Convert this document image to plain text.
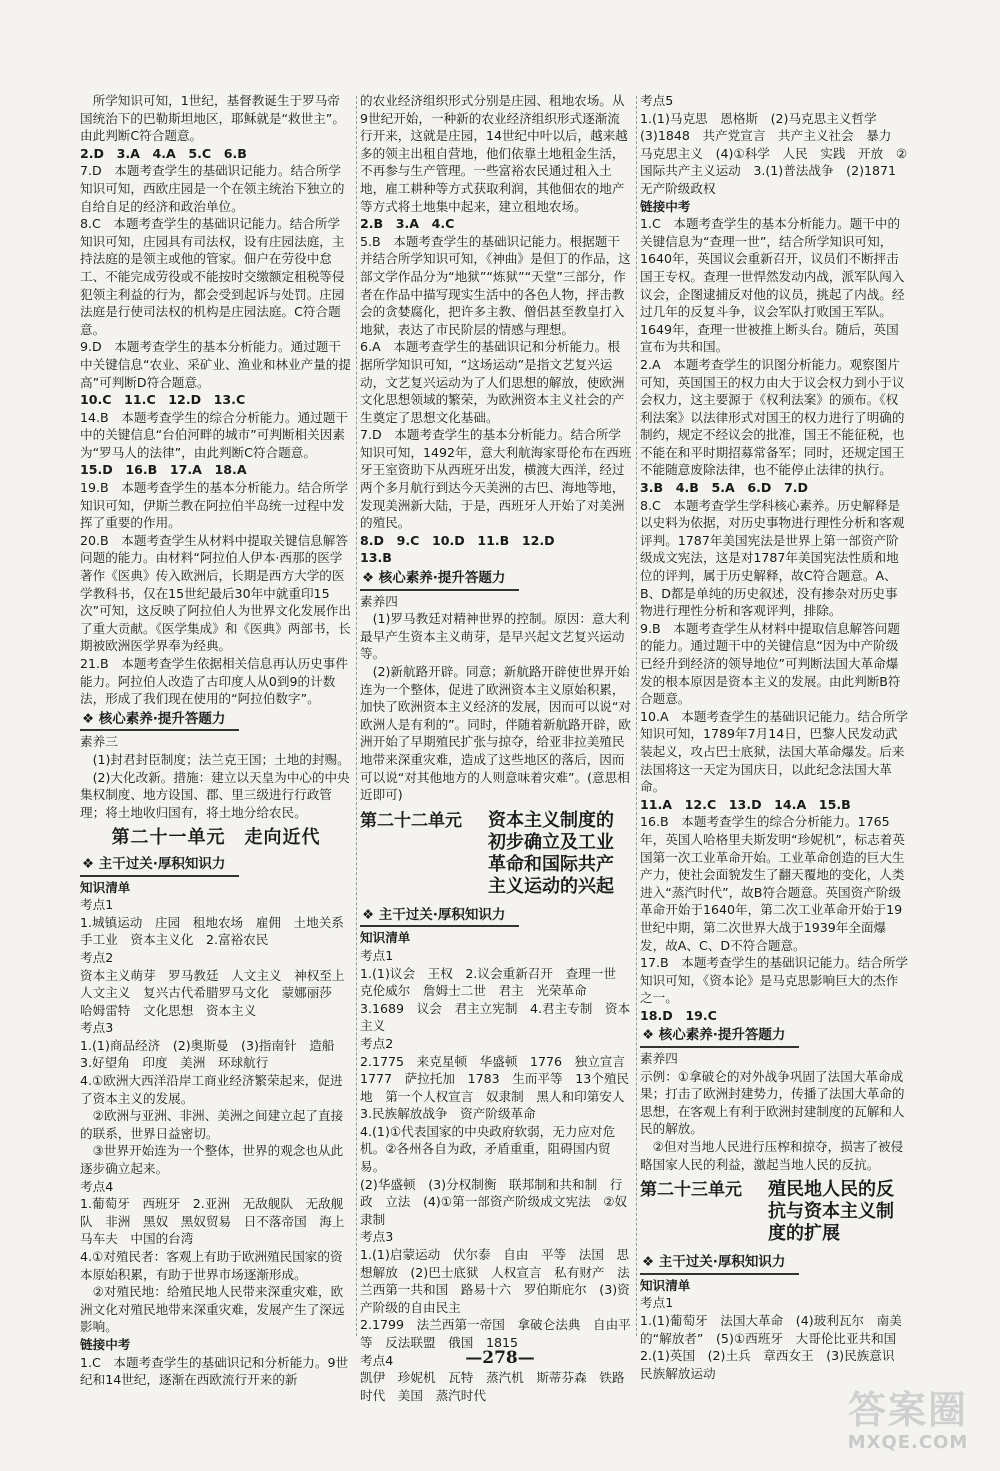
所学知识可知，1世纪，基督教诞生于罗马帝国统治下的巴勒斯坦地区，耶稣就是“救世主”。由此判断C符合题意。

2.D　3.A　4.A　5.C　6.B

7.D　本题考查学生的基础识记能力。结合所学知识可知，西欧庄园是一个在领主统治下独立的自给自足的经济和政治单位。

8.C　本题考查学生的基础识记能力。结合所学知识可知，庄园具有司法权，设有庄园法庭，主持法庭的是领主或他的管家。佃户在劳役中怠工、不能完成劳役或不能按时交缴额定租税等侵犯领主利益的行为，都会受到起诉与处罚。庄园法庭是行使司法权的机构是庄园法庭。C符合题意。

9.D　本题考查学生的基本分析能力。通过题干中关键信息“农业、采矿业、渔业和林业产量的提高”可判断D符合题意。

10.C　11.C　12.D　13.C

14.B　本题考查学生的综合分析能力。通过题干中的关键信息“台伯河畔的城市”可判断相关因素为“罗马人的法律”，由此判断C符合题意。

15.D　16.B　17.A　18.A

19.B　本题考查学生的基本分析能力。结合所学知识可知，伊斯兰教在阿拉伯半岛统一过程中发挥了重要的作用。

20.B　本题考查学生从材料中提取关键信息解答问题的能力。由材料“阿拉伯人伊本·西那的医学著作《医典》传入欧洲后，长期是西方大学的医学教科书，仅在15世纪最后30年中就重印15次”可知，这反映了阿拉伯人为世界文化发展作出了重大贡献。《医学集成》和《医典》两部书，长期被欧洲医学界奉为经典。

21.B　本题考查学生依据相关信息再认历史事件能力。阿拉伯人改造了古印度人从0到9的计数法，形成了我们现在使用的“阿拉伯数字”。

❖ 核心素养·提升答题力

素养三

(1)封君封臣制度；法兰克王国；土地的封赐。

(2)大化改新。措施：建立以天皇为中心的中央集权制度、地方设国、郡、里三级进行行政管理；将土地收归国有，将土地分给农民。

第二十一单元　走向近代

❖ 主干过关·厚积知识力

知识清单

考点1

1.城镇运动　庄园　租地农场　雇佣　土地关系　手工业　资本主义化　2.富裕农民

考点2

资本主义萌芽　罗马教廷　人文主义　神权至上　人文主义　复兴古代希腊罗马文化　蒙娜丽莎　哈姆雷特　文化思想　资本主义

考点3

1.(1)商品经济　(2)奥斯曼　(3)指南针　造船　3.好望角　印度　美洲　环球航行

4.①欧洲大西洋沿岸工商业经济繁荣起来，促进了资本主义的发展。

②欧洲与亚洲、非洲、美洲之间建立起了直接的联系，世界日益密切。

③世界开始连为一个整体，世界的观念也从此逐步确立起来。

考点4

1.葡萄牙　西班牙　2.亚洲　无敌舰队　无敌舰队　非洲　黑奴　黑奴贸易　日不落帝国　海上马车夫　中国的台湾

4.①对殖民者：客观上有助于欧洲殖民国家的资本原始积累，有助于世界市场逐渐形成。

②对殖民地：给殖民地人民带来深重灾难，欧洲文化对殖民地带来深重灾难，发展产生了深远影响。

链接中考

1.C　本题考查学生的基础识记和分析能力。9世纪和14世纪，逐渐在西欧流行开来的新

的农业经济组织形式分别是庄园、租地农场。从9世纪开始，一种新的农业经济组织形式逐渐流行开来，这就是庄园，14世纪中叶以后，越来越多的领主出租自营地，他们依靠土地租金生活，不再参与生产管理。一些富裕农民通过租入土地，雇工耕种等方式获取利润，其他佃农的地产等方式将土地集中起来，建立租地农场。

2.B　3.A　4.C

5.B　本题考查学生的基础识记能力。根据题干并结合所学知识可知，《神曲》是但丁的作品，这部文学作品分为“地狱”“炼狱”“天堂”三部分，作者在作品中描写现实生活中的各色人物，抨击教会的贪婪腐化，把许多主教、僧侣甚至教皇打入地狱，表达了市民阶层的情感与理想。

6.A　本题考查学生的基础识记和分析能力。根据所学知识可知，“这场运动”是指文艺复兴运动，文艺复兴运动为了人们思想的解放，使欧洲文化思想领域的繁荣，为欧洲资本主义社会的产生奠定了思想文化基础。

7.D　本题考查学生的基本分析能力。结合所学知识可知，1492年，意大利航海家哥伦布在西班牙王室资助下从西班牙出发，横渡大西洋，经过两个多月航行到达今天美洲的古巴、海地等地，发现美洲新大陆，于是，西班牙人开始了对美洲的殖民。

8.D　9.C　10.D　11.B　12.D

13.B

❖ 核心素养·提升答题力

素养四

(1)罗马教廷对精神世界的控制。原因：意大利最早产生资本主义萌芽，是早兴起文艺复兴运动等。

(2)新航路开辟。同意；新航路开辟使世界开始连为一个整体，促进了欧洲资本主义原始积累，加快了欧洲资本主义经济的发展，因而可以说“对欧洲人是有利的”。同时，伴随着新航路开辟，欧洲开始了早期殖民扩张与掠夺，给亚非拉美殖民地带来深重灾难，造成了这些地区的落后，因而可以说“对其他地方的人则意味着灾难”。(意思相近即可)

第二十二单元 资本主义制度的初步确立及工业革命和国际共产主义运动的兴起
❖ 主干过关·厚积知识力

知识清单

考点1

1.(1)议会　王权　2.议会重新召开　查理一世　克伦威尔　詹姆士二世　君主　光荣革命　3.1689　议会　君主立宪制　4.君主专制　资本主义

考点2

2.1775　来克星顿　华盛顿　1776　独立宣言　1777　萨拉托加　1783　生而平等　13个殖民地　第一个人权宣言　奴隶制　黑人和印第安人　3.民族解放战争　资产阶级革命

4.(1)①代表国家的中央政府软弱，无力应对危机。②各州各自为政，矛盾重重，阻碍国内贸易。

(2)华盛顿　(3)分权制衡　联邦制和共和制　行政　立法　(4)①第一部资产阶级成文宪法　②奴隶制

考点3

1.(1)启蒙运动　伏尔泰　自由　平等　法国　思想解放　(2)巴士底狱　人权宣言　私有财产　法兰西第一共和国　路易十六　罗伯斯庇尔　(3)资产阶级的自由民主

2.1799　法兰西第一帝国　拿破仑法典　自由平等　反法联盟　俄国　1815

考点4

凯伊　珍妮机　瓦特　蒸汽机　斯蒂芬森　铁路时代　美国　蒸汽时代

考点5

1.(1)马克思　恩格斯　(2)马克思主义哲学　(3)1848　共产党宣言　共产主义社会　暴力　马克思主义　(4)①科学　人民　实践　开放　②国际共产主义运动　3.(1)普法战争　(2)1871　无产阶级政权

链接中考

1.C　本题考查学生的基本分析能力。题干中的关键信息为“查理一世”，结合所学知识可知，1640年，英国议会重新召开，议员们不断抨击国王专权。查理一世悍然发动内战，派军队闯入议会，企图逮捕反对他的议员，挑起了内战。经过几年的反复斗争，议会军队打败国王军队。1649年，查理一世被推上断头台。随后，英国宣布为共和国。

2.A　本题考查学生的识图分析能力。观察图片可知，英国国王的权力由大于议会权力到小于议会权力，这主要源于《权利法案》的颁布。《权利法案》以法律形式对国王的权力进行了明确的制约，规定不经议会的批准，国王不能征税，也不能在和平时期招募常备军；同时，还规定国王不能随意废除法律，也不能停止法律的执行。

3.B　4.B　5.A　6.D　7.D

8.C　本题考查学生学科核心素养。历史解释是以史料为依据，对历史事物进行理性分析和客观评判。1787年美国宪法是世界上第一部资产阶级成文宪法，这是对1787年美国宪法性质和地位的评判，属于历史解释，故C符合题意。A、B、D都是单纯的历史叙述，没有掺杂对历史事物进行理性分析和客观评判，排除。

9.B　本题考查学生从材料中提取信息解答问题的能力。通过题干中的关键信息“因为中产阶级已经升到经济的领导地位”可判断法国大革命爆发的根本原因是资本主义的发展。由此判断B符合题意。

10.A　本题考查学生的基础识记能力。结合所学知识可知，1789年7月14日，巴黎人民发动武装起义，攻占巴士底狱，法国大革命爆发。后来法国将这一天定为国庆日，以此纪念法国大革命。

11.A　12.C　13.D　14.A　15.B

16.B　本题考查学生的综合分析能力。1765年，英国人哈格里夫斯发明“珍妮机”，标志着英国第一次工业革命开始。工业革命创造的巨大生产力，使社会面貌发生了翻天覆地的变化，人类进入“蒸汽时代”，故B符合题意。英国资产阶级革命开始于1640年，第二次工业革命开始于19世纪中期，第二次世界大战于1939年全面爆发，故A、C、D不符合题意。

17.B　本题考查学生的基础识记能力。结合所学知识可知，《资本论》是马克思影响巨大的杰作之一。

18.D　19.C

❖ 核心素养·提升答题力

素养四

示例：①拿破仑的对外战争巩固了法国大革命成果；打击了欧洲封建势力，传播了法国大革命的思想，在客观上有利于欧洲封建制度的瓦解和人民的解放。

②但对当地人民进行压榨和掠夺，损害了被侵略国家人民的利益，激起当地人民的反抗。

第二十三单元 殖民地人民的反抗与资本主义制度的扩展
❖ 主干过关·厚积知识力

知识清单

考点1

1.(1)葡萄牙　法国大革命　(4)玻利瓦尔　南美的“解放者”　(5)①西班牙　大哥伦比亚共和国

2.(1)英国　(2)土兵　章西女王　(3)民族意识　民族解放运动

—278—
答案圈
MXQE.COM
